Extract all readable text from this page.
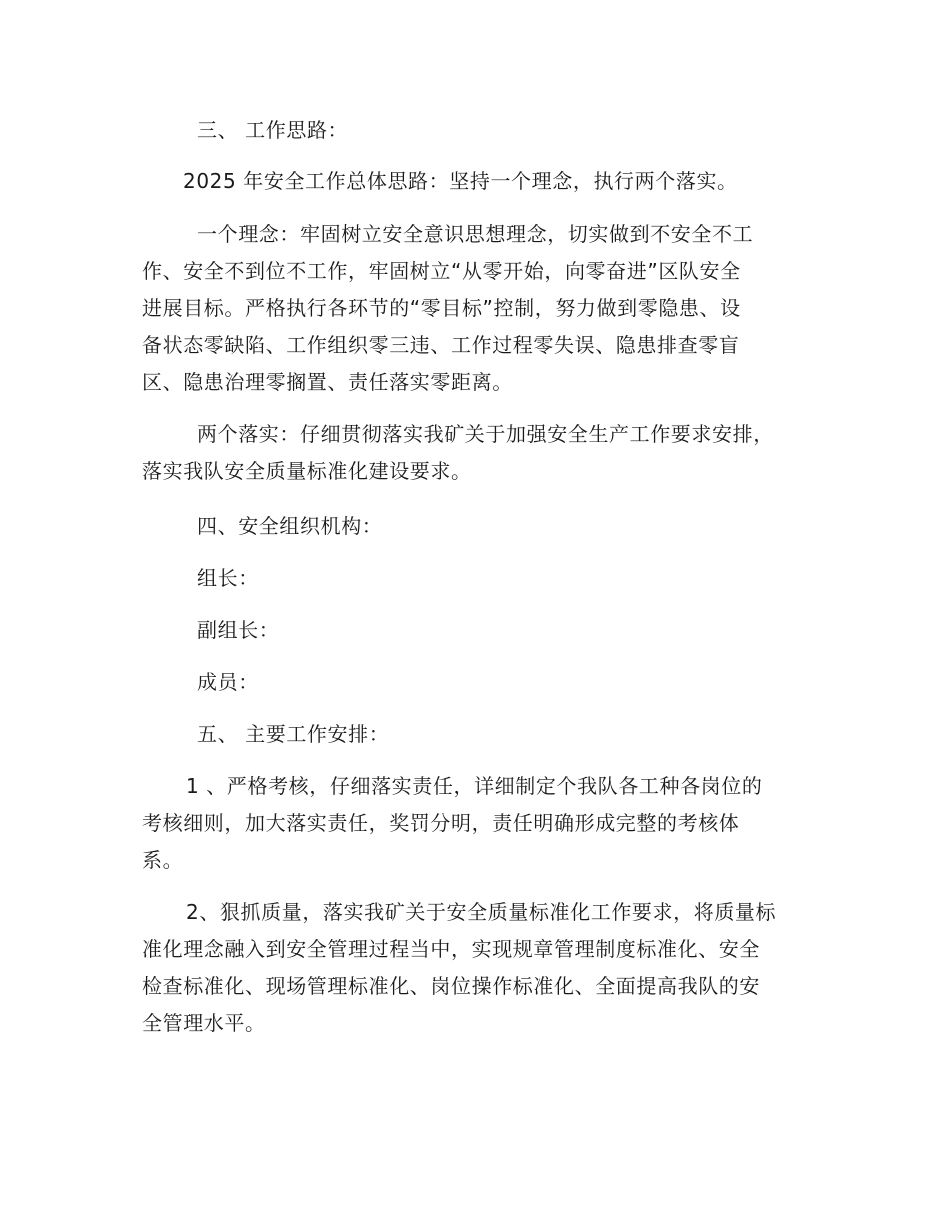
三、 工作思路：

2025 年安全工作总体思路：坚持一个理念，执行两个落实。

一个理念：牢固树立安全意识思想理念，切实做到不安全不工

作、安全不到位不工作，牢固树立“从零开始，向零奋进”区队安全

进展目标。严格执行各环节的“零目标”控制，努力做到零隐患、设

备状态零缺陷、工作组织零三违、工作过程零失误、隐患排查零盲

区、隐患治理零搁置、责任落实零距离。

两个落实：仔细贯彻落实我矿关于加强安全生产工作要求安排，

落实我队安全质量标准化建设要求。

四、安全组织机构：

组长：

副组长：

成员：

五、 主要工作安排：

1 、严格考核，仔细落实责任，详细制定个我队各工种各岗位的

考核细则，加大落实责任，奖罚分明，责任明确形成完整的考核体

系。

2、狠抓质量，落实我矿关于安全质量标准化工作要求，将质量标

准化理念融入到安全管理过程当中，实现规章管理制度标准化、安全

检查标准化、现场管理标准化、岗位操作标准化、全面提高我队的安

全管理水平。
